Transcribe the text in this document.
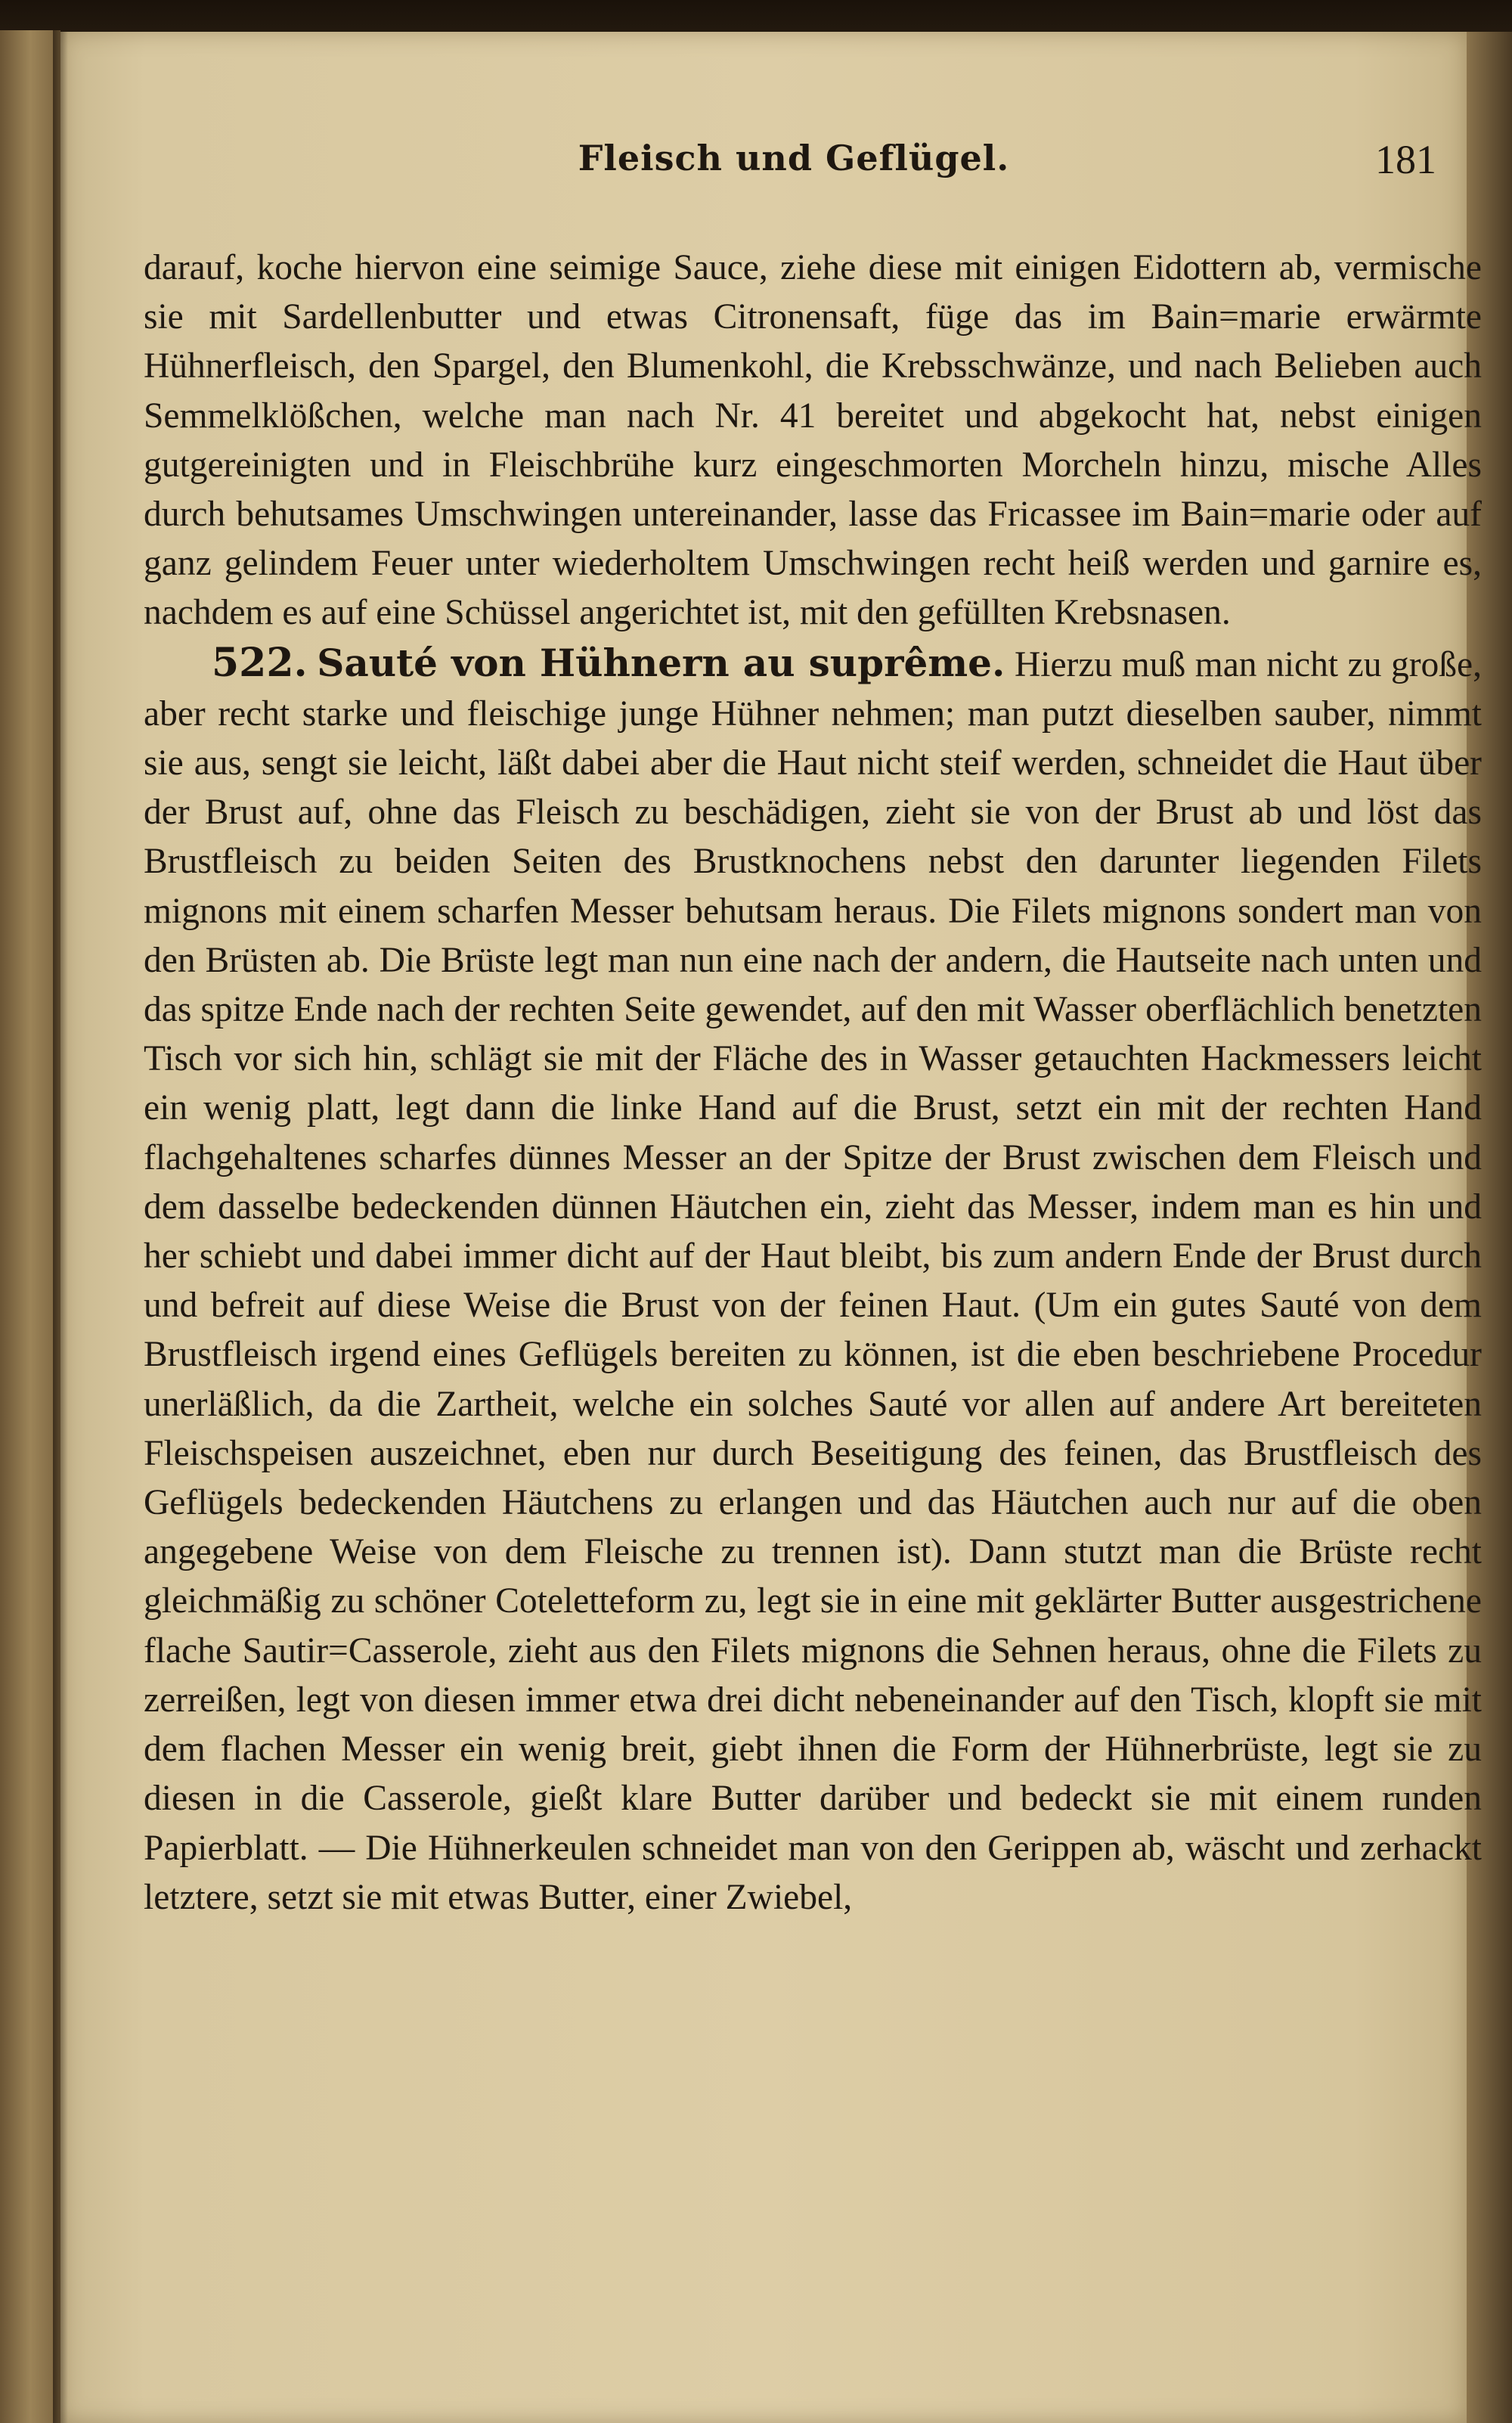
Fleisch und Geflügel.	181

darauf, koche hiervon eine seimige Sauce, ziehe diese mit einigen Eidottern ab, vermische sie mit Sardellenbutter und etwas Citronensaft, füge das im Bain=marie erwärmte Hühnerfleisch, den Spargel, den Blumenkohl, die Krebsschwänze, und nach Belieben auch Semmelklößchen, welche man nach Nr. 41 bereitet und abgekocht hat, nebst einigen gutgereinigten und in Fleischbrühe kurz eingeschmorten Morcheln hinzu, mische Alles durch behutsames Umschwingen untereinander, lasse das Fricassee im Bain=marie oder auf ganz gelindem Feuer unter wiederholtem Umschwingen recht heiß werden und garnire es, nachdem es auf eine Schüssel angerichtet ist, mit den gefüllten Krebsnasen.

522. Sauté von Hühnern au suprême. Hierzu muß man nicht zu große, aber recht starke und fleischige junge Hühner nehmen; man putzt dieselben sauber, nimmt sie aus, sengt sie leicht, läßt dabei aber die Haut nicht steif werden, schneidet die Haut über der Brust auf, ohne das Fleisch zu beschädigen, zieht sie von der Brust ab und löst das Brustfleisch zu beiden Seiten des Brustknochens nebst den darunter liegenden Filets mignons mit einem scharfen Messer behutsam heraus. Die Filets mignons sondert man von den Brüsten ab. Die Brüste legt man nun eine nach der andern, die Hautseite nach unten und das spitze Ende nach der rechten Seite gewendet, auf den mit Wasser oberflächlich benetzten Tisch vor sich hin, schlägt sie mit der Fläche des in Wasser getauchten Hackmessers leicht ein wenig platt, legt dann die linke Hand auf die Brust, setzt ein mit der rechten Hand flachgehaltenes scharfes dünnes Messer an der Spitze der Brust zwischen dem Fleisch und dem dasselbe bedeckenden dünnen Häutchen ein, zieht das Messer, indem man es hin und her schiebt und dabei immer dicht auf der Haut bleibt, bis zum andern Ende der Brust durch und befreit auf diese Weise die Brust von der feinen Haut. (Um ein gutes Sauté von dem Brustfleisch irgend eines Geflügels bereiten zu können, ist die eben beschriebene Procedur unerläßlich, da die Zartheit, welche ein solches Sauté vor allen auf andere Art bereiteten Fleischspeisen auszeichnet, eben nur durch Beseitigung des feinen, das Brustfleisch des Geflügels bedeckenden Häutchens zu erlangen und das Häutchen auch nur auf die oben angegebene Weise von dem Fleische zu trennen ist). Dann stutzt man die Brüste recht gleichmäßig zu schöner Coteletteform zu, legt sie in eine mit geklärter Butter ausgestrichene flache Sautir=Casserole, zieht aus den Filets mignons die Sehnen heraus, ohne die Filets zu zerreißen, legt von diesen immer etwa drei dicht nebeneinander auf den Tisch, klopft sie mit dem flachen Messer ein wenig breit, giebt ihnen die Form der Hühnerbrüste, legt sie zu diesen in die Casserole, gießt klare Butter darüber und bedeckt sie mit einem runden Papierblatt. — Die Hühnerkeulen schneidet man von den Gerippen ab, wäscht und zerhackt letztere, setzt sie mit etwas Butter, einer Zwiebel,
